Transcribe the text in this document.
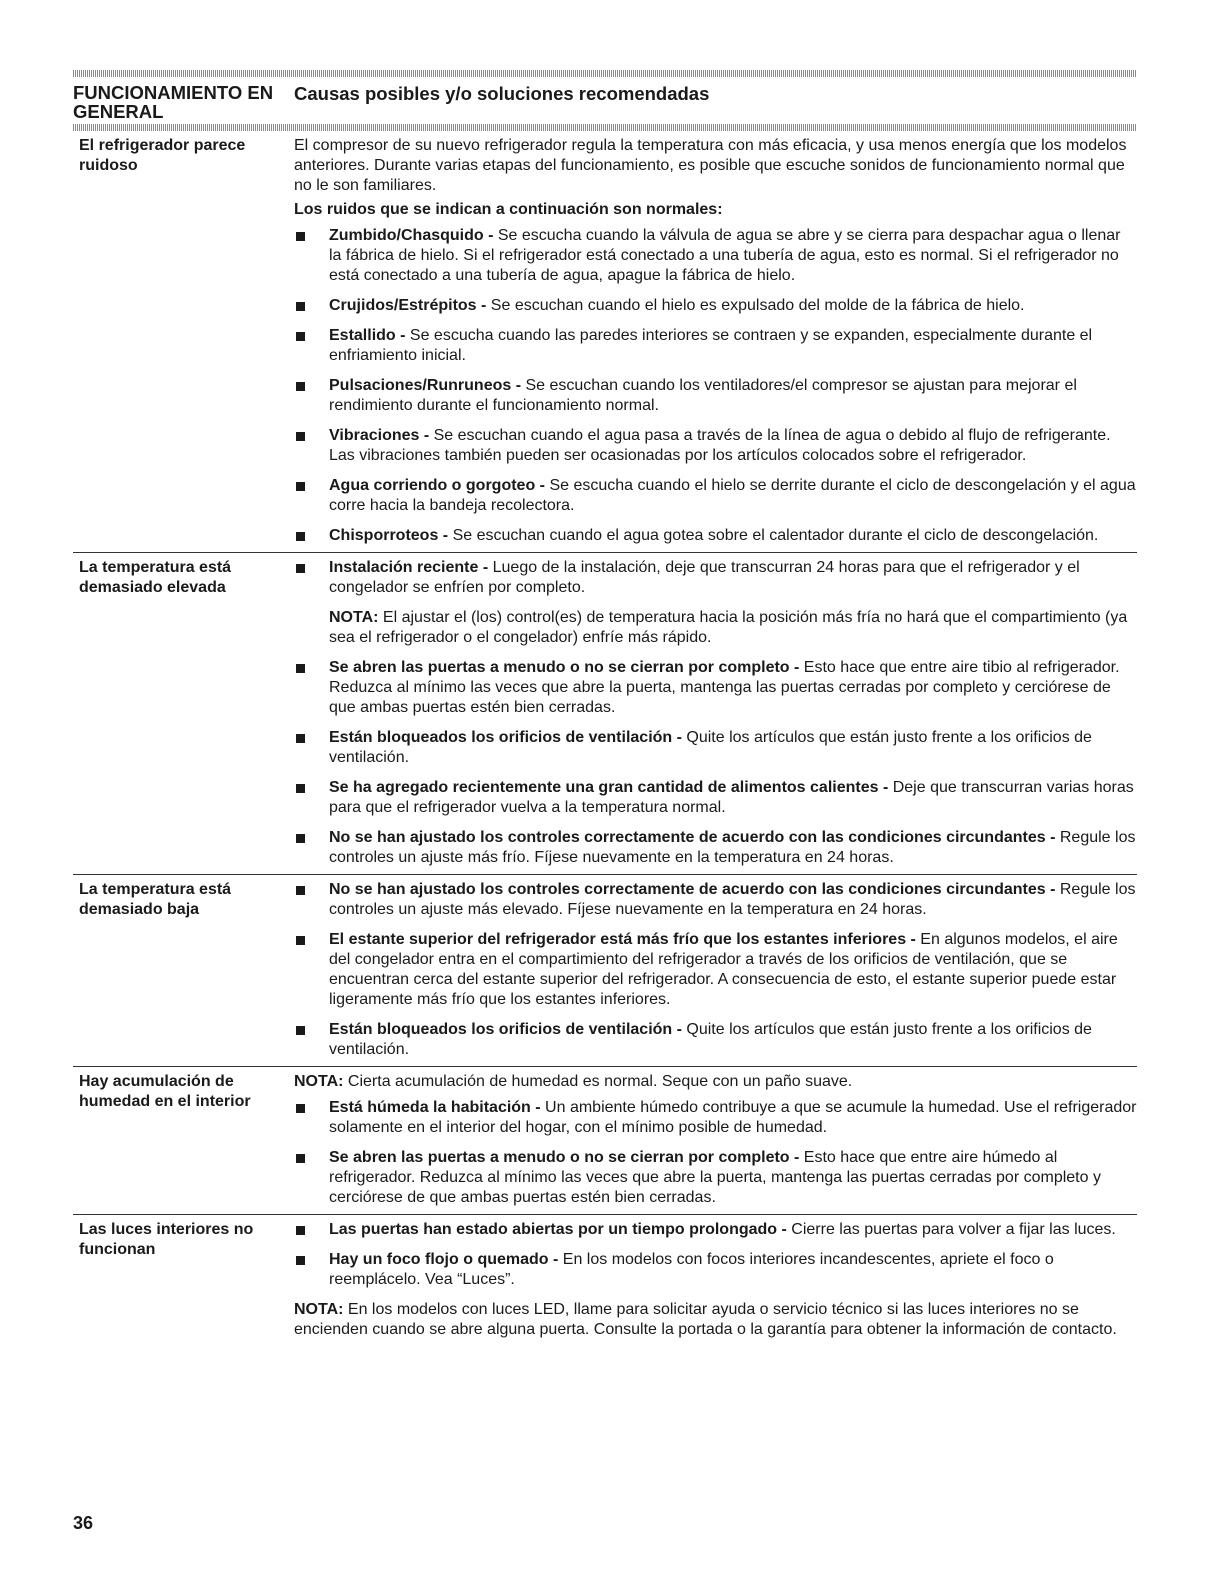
FUNCIONAMIENTO EN GENERAL
Causas posibles y/o soluciones recomendadas
El refrigerador parece ruidoso
El compresor de su nuevo refrigerador regula la temperatura con más eficacia, y usa menos energía que los modelos anteriores. Durante varias etapas del funcionamiento, es posible que escuche sonidos de funcionamiento normal que no le son familiares.
Los ruidos que se indican a continuación son normales:
Zumbido/Chasquido - Se escucha cuando la válvula de agua se abre y se cierra para despachar agua o llenar la fábrica de hielo. Si el refrigerador está conectado a una tubería de agua, esto es normal. Si el refrigerador no está conectado a una tubería de agua, apague la fábrica de hielo.
Crujidos/Estrépitos - Se escuchan cuando el hielo es expulsado del molde de la fábrica de hielo.
Estallido - Se escucha cuando las paredes interiores se contraen y se expanden, especialmente durante el enfriamiento inicial.
Pulsaciones/Runruneos - Se escuchan cuando los ventiladores/el compresor se ajustan para mejorar el rendimiento durante el funcionamiento normal.
Vibraciones - Se escuchan cuando el agua pasa a través de la línea de agua o debido al flujo de refrigerante. Las vibraciones también pueden ser ocasionadas por los artículos colocados sobre el refrigerador.
Agua corriendo o gorgoteo - Se escucha cuando el hielo se derrite durante el ciclo de descongelación y el agua corre hacia la bandeja recolectora.
Chisporroteos - Se escuchan cuando el agua gotea sobre el calentador durante el ciclo de descongelación.
La temperatura está demasiado elevada
Instalación reciente - Luego de la instalación, deje que transcurran 24 horas para que el refrigerador y el congelador se enfríen por completo.
NOTA: El ajustar el (los) control(es) de temperatura hacia la posición más fría no hará que el compartimiento (ya sea el refrigerador o el congelador) enfríe más rápido.
Se abren las puertas a menudo o no se cierran por completo - Esto hace que entre aire tibio al refrigerador. Reduzca al mínimo las veces que abre la puerta, mantenga las puertas cerradas por completo y cerciórese de que ambas puertas estén bien cerradas.
Están bloqueados los orificios de ventilación - Quite los artículos que están justo frente a los orificios de ventilación.
Se ha agregado recientemente una gran cantidad de alimentos calientes - Deje que transcurran varias horas para que el refrigerador vuelva a la temperatura normal.
No se han ajustado los controles correctamente de acuerdo con las condiciones circundantes - Regule los controles un ajuste más frío. Fíjese nuevamente en la temperatura en 24 horas.
La temperatura está demasiado baja
No se han ajustado los controles correctamente de acuerdo con las condiciones circundantes - Regule los controles un ajuste más elevado. Fíjese nuevamente en la temperatura en 24 horas.
El estante superior del refrigerador está más frío que los estantes inferiores - En algunos modelos, el aire del congelador entra en el compartimiento del refrigerador a través de los orificios de ventilación, que se encuentran cerca del estante superior del refrigerador. A consecuencia de esto, el estante superior puede estar ligeramente más frío que los estantes inferiores.
Están bloqueados los orificios de ventilación - Quite los artículos que están justo frente a los orificios de ventilación.
Hay acumulación de humedad en el interior
NOTA: Cierta acumulación de humedad es normal. Seque con un paño suave.
Está húmeda la habitación - Un ambiente húmedo contribuye a que se acumule la humedad. Use el refrigerador solamente en el interior del hogar, con el mínimo posible de humedad.
Se abren las puertas a menudo o no se cierran por completo - Esto hace que entre aire húmedo al refrigerador. Reduzca al mínimo las veces que abre la puerta, mantenga las puertas cerradas por completo y cerciórese de que ambas puertas estén bien cerradas.
Las luces interiores no funcionan
Las puertas han estado abiertas por un tiempo prolongado - Cierre las puertas para volver a fijar las luces.
Hay un foco flojo o quemado - En los modelos con focos interiores incandescentes, apriete el foco o reemplácelo. Vea “Luces”.
NOTA: En los modelos con luces LED, llame para solicitar ayuda o servicio técnico si las luces interiores no se encienden cuando se abre alguna puerta. Consulte la portada o la garantía para obtener la información de contacto.
36
